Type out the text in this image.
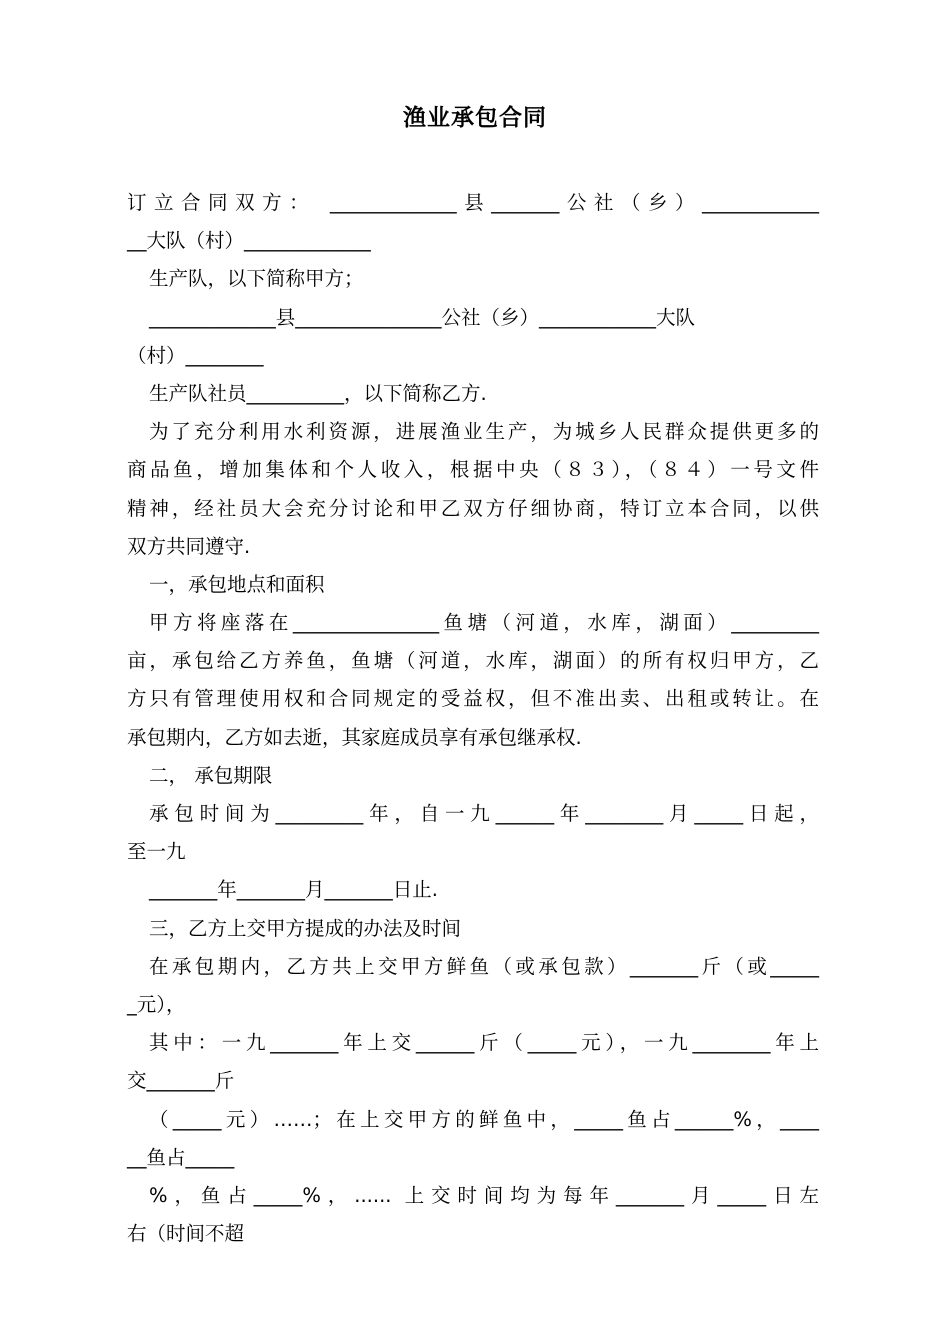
渔业承包合同
订立合同双方： _____________县_______公社（乡）____________
__大队（村）_____________
生产队，以下简称甲方；
_____________县_______________公社（乡）____________大队
（村）________
生产队社员__________，以下简称乙方.
为了充分利用水利资源，进展渔业生产，为城乡人民群众提供更多的
商品鱼，增加集体和个人收入，根据中央（８３），（８４）一号文件
精神，经社员大会充分讨论和甲乙双方仔细协商，特订立本合同，以供
双方共同遵守.
一，承包地点和面积
甲方将座落在_______________鱼塘（河道，水库，湖面）_________
亩，承包给乙方养鱼，鱼塘（河道，水库，湖面）的所有权归甲方，乙
方只有管理使用权和合同规定的受益权，但不准出卖、出租或转让。在
承包期内，乙方如去逝，其家庭成员享有承包继承权.
二， 承包期限
承包时间为_________年，自一九______年________月_____日起，
至一九
_______年_______月_______日止.
三，乙方上交甲方提成的办法及时间
在承包期内，乙方共上交甲方鲜鱼（或承包款）_______斤（或_____
_元），
其中：一九_______年上交______斤（_____元），一九________年上
交_______斤
（_____元）……；在上交甲方的鲜鱼中，_____鱼占______%，____
__鱼占_____
%，鱼占_____%，...... 上交时间均为每年_______月_____日左
右（时间不超
